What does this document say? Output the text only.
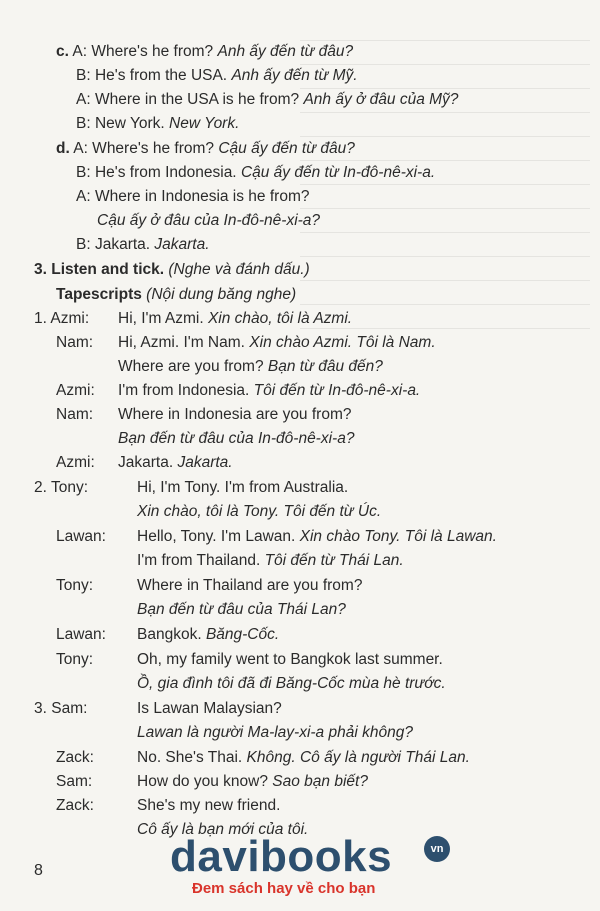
c. A: Where's he from? Anh ấy đến từ đâu?
B: He's from the USA. Anh ấy đến từ Mỹ.
A: Where in the USA is he from? Anh ấy ở đâu của Mỹ?
B: New York. New York.
d. A: Where's he from? Cậu ấy đến từ đâu?
B: He's from Indonesia. Cậu ấy đến từ In-đô-nê-xi-a.
A: Where in Indonesia is he from?
Cậu ấy ở đâu của In-đô-nê-xi-a?
B: Jakarta. Jakarta.
3. Listen and tick. (Nghe và đánh dấu.)
Tapescripts (Nội dung băng nghe)
1. Azmi: Hi, I'm Azmi. Xin chào, tôi là Azmi.
Nam: Hi, Azmi. I'm Nam. Xin chào Azmi. Tôi là Nam.
Where are you from? Bạn từ đâu đến?
Azmi: I'm from Indonesia. Tôi đến từ In-đô-nê-xi-a.
Nam: Where in Indonesia are you from?
Bạn đến từ đâu của In-đô-nê-xi-a?
Azmi: Jakarta. Jakarta.
2. Tony:	Hi, I'm Tony. I'm from Australia.
Xin chào, tôi là Tony. Tôi đến từ Úc.
Lawan: Hello, Tony. I'm Lawan. Xin chào Tony. Tôi là Lawan.
I'm from Thailand. Tôi đến từ Thái Lan.
Tony:	Where in Thailand are you from?
Bạn đến từ đâu của Thái Lan?
Lawan: Bangkok. Băng-Cốc.
Tony:	Oh, my family went to Bangkok last summer.
Ồ, gia đình tôi đã đi Băng-Cốc mùa hè trước.
3. Sam:	Is Lawan Malaysian?
Lawan là người Ma-lay-xi-a phải không?
Zack:	No. She's Thai. Không. Cô ấy là người Thái Lan.
Sam:	How do you know? Sao bạn biết?
Zack:	She's my new friend.
Cô ấy là bạn mới của tôi.
8	davibooks	vn
Đem sách hay về cho bạn
